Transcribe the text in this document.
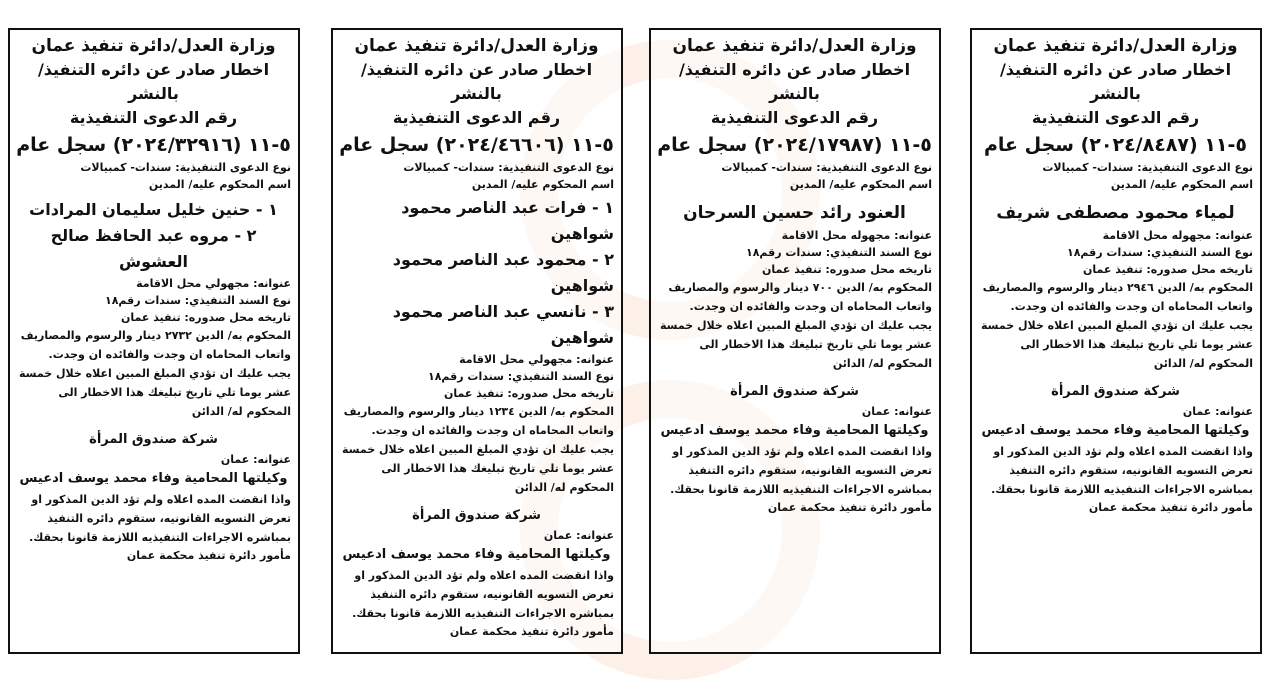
وزارة العدل/دائرة تنفيذ عمان
اخطار صادر عن دائره التنفيذ/ بالنشر
رقم الدعوى التنفيذية
٥-١١ (٢٠٢٤/٣٢٩١٦) سجل عام
نوع الدعوى التنفيذية: سندات- كمبيالات
اسم المحكوم عليه/ المدين
١ - حنين خليل سليمان المرادات
٢ - مروه عبد الحافظ صالح العشوش
عنوانه: مجهولي محل الاقامة
نوع السند التنفيذي: سندات رقم١٨
تاريخه محل صدوره: تنفيذ عمان
المحكوم به/ الدين ٢٧٣٢ دينار والرسوم والمصاريف واتعاب المحاماه ان وجدت والفائده ان وجدت.
يجب عليك ان تؤدي المبلغ المبين اعلاه خلال خمسة عشر يوما تلي تاريخ تبليغك هذا الاخطار الى المحكوم له/ الدائن
شركة صندوق المرأة
عنوانه: عمان
وكيلتها المحامية وفاء محمد يوسف ادعيس
واذا انقضت المده اعلاه ولم تؤد الدين المذكور او تعرض التسويه القانونيه، ستقوم دائره التنفيذ بمباشره الاجراءات التنفيذيه اللازمة قانونا بحقك.
مأمور دائرة تنفيذ محكمة عمان
وزارة العدل/دائرة تنفيذ عمان
اخطار صادر عن دائره التنفيذ/ بالنشر
رقم الدعوى التنفيذية
٥-١١ (٢٠٢٤/٤٦٦٠٦) سجل عام
نوع الدعوى التنفيذية: سندات- كمبيالات
اسم المحكوم عليه/ المدين
١ - فرات عبد الناصر محمود شواهين
٢ - محمود عبد الناصر محمود شواهين
٣ - نانسي عبد الناصر محمود شواهين
عنوانه: مجهولي محل الاقامة
نوع السند التنفيذي: سندات رقم١٨
تاريخه محل صدوره: تنفيذ عمان
المحكوم به/ الدين ١٢٣٤ دينار والرسوم والمصاريف واتعاب المحاماه ان وجدت والفائده ان وجدت.
يجب عليك ان تؤدي المبلغ المبين اعلاه خلال خمسة عشر يوما تلي تاريخ تبليغك هذا الاخطار الى المحكوم له/ الدائن
شركة صندوق المرأة
عنوانه: عمان
وكيلتها المحامية وفاء محمد يوسف ادعيس
واذا انقضت المده اعلاه ولم تؤد الدين المذكور او تعرض التسويه القانونيه، ستقوم دائره التنفيذ بمباشره الاجراءات التنفيذيه اللازمة قانونا بحقك.
مأمور دائرة تنفيذ محكمة عمان
وزارة العدل/دائرة تنفيذ عمان
اخطار صادر عن دائره التنفيذ/ بالنشر
رقم الدعوى التنفيذية
٥-١١ (٢٠٢٤/١٧٩٨٧) سجل عام
نوع الدعوى التنفيذية: سندات- كمبيالات
اسم المحكوم عليه/ المدين
العنود رائد حسين السرحان
عنوانه: مجهوله محل الاقامة
نوع السند التنفيذي: سندات رقم١٨
تاريخه محل صدوره: تنفيذ عمان
المحكوم به/ الدين ٧٠٠ دينار والرسوم والمصاريف واتعاب المحاماه ان وجدت والفائده ان وجدت.
يجب عليك ان تؤدي المبلغ المبين اعلاه خلال خمسة عشر يوما تلي تاريخ تبليغك هذا الاخطار الى المحكوم له/ الدائن
شركة صندوق المرأة
عنوانه: عمان
وكيلتها المحامية وفاء محمد يوسف ادعيس
واذا انقضت المده اعلاه ولم تؤد الدين المذكور او تعرض التسويه القانونيه، ستقوم دائره التنفيذ بمباشره الاجراءات التنفيذيه اللازمة قانونا بحقك.
مأمور دائرة تنفيذ محكمة عمان
وزارة العدل/دائرة تنفيذ عمان
اخطار صادر عن دائره التنفيذ/ بالنشر
رقم الدعوى التنفيذية
٥-١١ (٢٠٢٤/٨٤٨٧) سجل عام
نوع الدعوى التنفيذية: سندات- كمبيالات
اسم المحكوم عليه/ المدين
لمياء محمود مصطفى شريف
عنوانه: مجهوله محل الاقامة
نوع السند التنفيذي: سندات رقم١٨
تاريخه محل صدوره: تنفيذ عمان
المحكوم به/ الدين ٢٩٤٦ دينار والرسوم والمصاريف واتعاب المحاماه ان وجدت والفائده ان وجدت.
يجب عليك ان تؤدي المبلغ المبين اعلاه خلال خمسة عشر يوما تلي تاريخ تبليغك هذا الاخطار الى المحكوم له/ الدائن
شركة صندوق المرأة
عنوانه: عمان
وكيلتها المحامية وفاء محمد يوسف ادعيس
واذا انقضت المده اعلاه ولم تؤد الدين المذكور او تعرض التسويه القانونيه، ستقوم دائره التنفيذ بمباشره الاجراءات التنفيذيه اللازمة قانونا بحقك.
مأمور دائرة تنفيذ محكمة عمان
